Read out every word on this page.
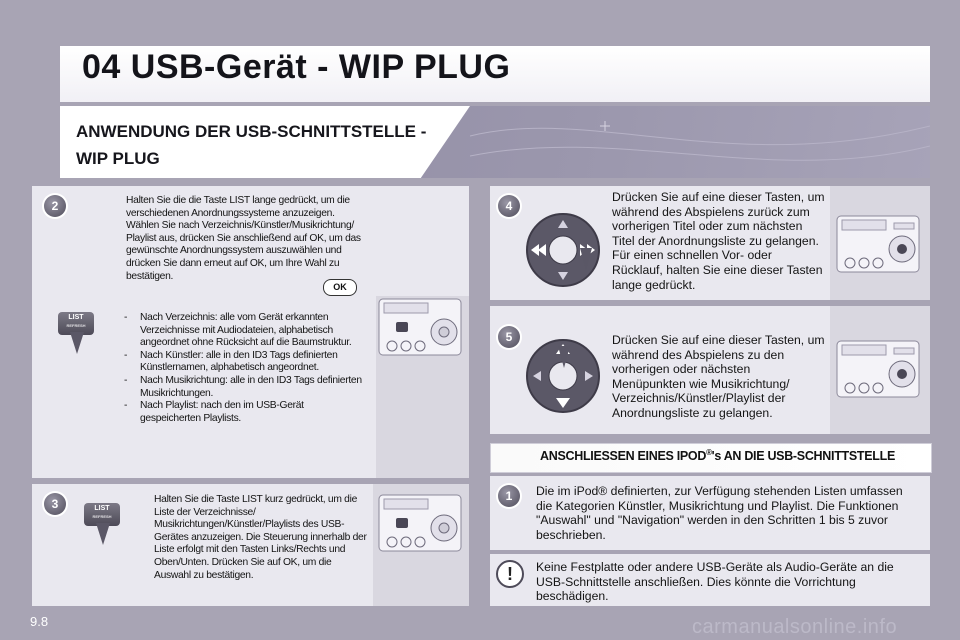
04 USB-Gerät - WIP PLUG
ANWENDUNG DER USB-SCHNITTSTELLE -
WIP PLUG
2	Halten Sie die die Taste LIST lange gedrückt, um die verschiedenen Anordnungssysteme anzuzeigen. Wählen Sie nach Verzeichnis/Künstler/Musikrichtung/ Playlist aus, drücken Sie anschließend auf OK, um das gewünschte Anordnungssystem auszuwählen und drücken Sie dann erneut auf OK, um Ihre Wahl zu bestätigen.
OK
LIST
REFRESH
- Nach Verzeichnis: alle vom Gerät erkannten Verzeichnisse mit Audiodateien, alphabetisch angeordnet ohne Rücksicht auf die Baumstruktur.
- Nach Künstler: alle in den ID3 Tags definierten Künstlernamen, alphabetisch angeordnet.
- Nach Musikrichtung: alle in den ID3 Tags definierten Musikrichtungen.
- Nach Playlist: nach den im USB-Gerät gespeicherten Playlists.
3	LIST
REFRESH
Halten Sie die Taste LIST kurz gedrückt, um die Liste der Verzeichnisse/ Musikrichtungen/Künstler/Playlists des USB-Gerätes anzuzeigen. Die Steuerung innerhalb der Liste erfolgt mit den Tasten Links/Rechts und Oben/Unten. Drücken Sie auf OK, um die Auswahl zu bestätigen.
4
Drücken Sie auf eine dieser Tasten, um während des Abspielens zurück zum vorherigen Titel oder zum nächsten Titel der Anordnungsliste zu gelangen. Für einen schnellen Vor- oder Rücklauf, halten Sie eine dieser Tasten lange gedrückt.
5	Drücken Sie auf eine dieser Tasten, um während des Abspielens zu den vorherigen oder nächsten Menüpunkten wie Musikrichtung/ Verzeichnis/Künstler/Playlist der Anordnungsliste zu gelangen.
ANSCHLIESSEN EINES IPOD®'s AN DIE USB-SCHNITTSTELLE
1	Die im iPod® definierten, zur Verfügung stehenden Listen umfassen die Kategorien Künstler, Musikrichtung und Playlist. Die Funktionen "Auswahl" und "Navigation" werden in den Schritten 1 bis 5 zuvor beschrieben.
!	Keine Festplatte oder andere USB-Geräte als Audio-Geräte an die USB-Schnittstelle anschließen. Dies könnte die Vorrichtung beschädigen.
9.8	carmanualsonline.info
